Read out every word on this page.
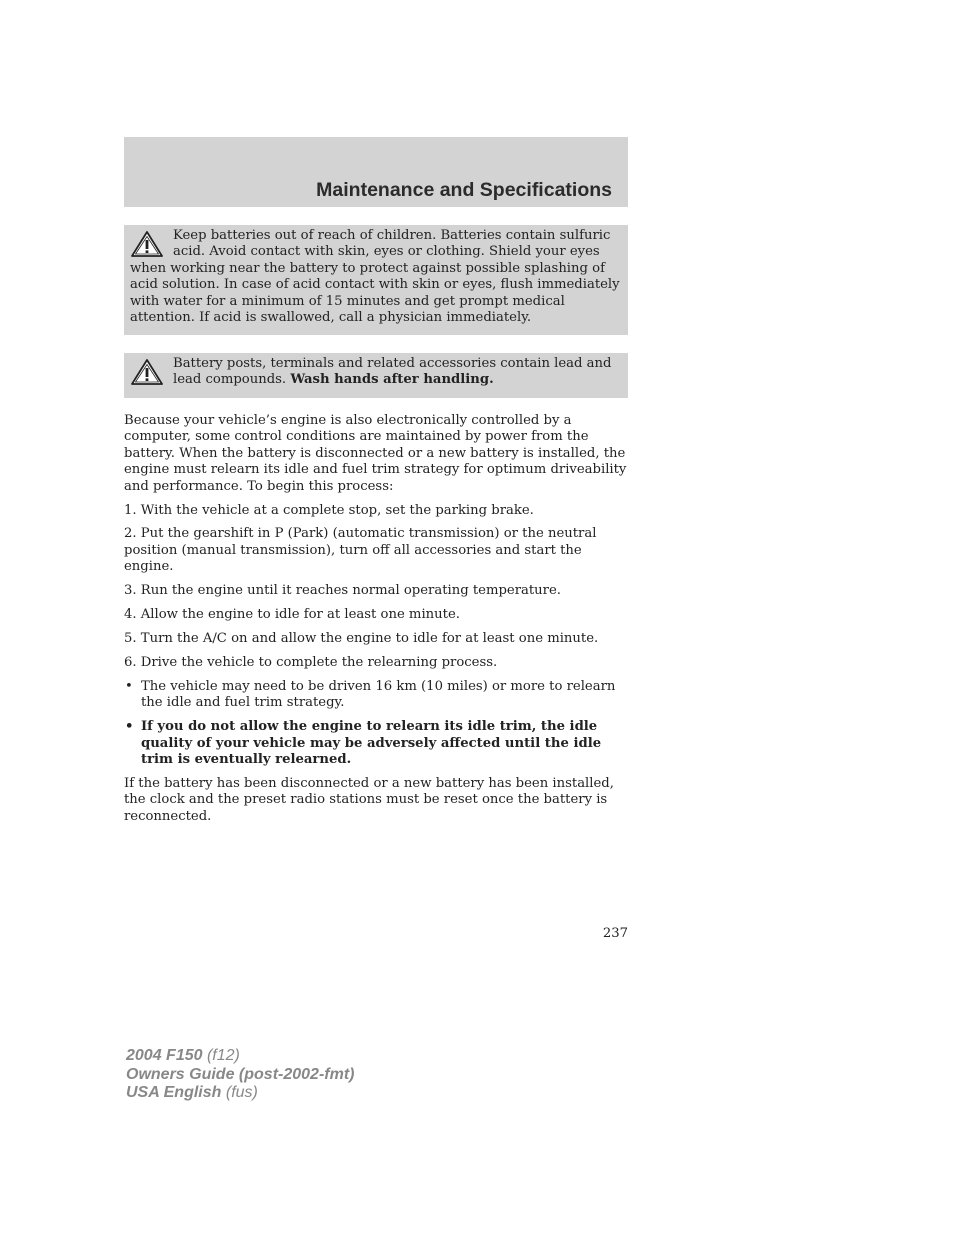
Maintenance and Specifications
Keep batteries out of reach of children. Batteries contain sulfuric acid. Avoid contact with skin, eyes or clothing. Shield your eyes when working near the battery to protect against possible splashing of acid solution. In case of acid contact with skin or eyes, flush immediately with water for a minimum of 15 minutes and get prompt medical attention. If acid is swallowed, call a physician immediately.
Battery posts, terminals and related accessories contain lead and lead compounds. Wash hands after handling.

Because your vehicle’s engine is also electronically controlled by a computer, some control conditions are maintained by power from the battery. When the battery is disconnected or a new battery is installed, the engine must relearn its idle and fuel trim strategy for optimum driveability and performance. To begin this process:

1. With the vehicle at a complete stop, set the parking brake.

2. Put the gearshift in P (Park) (automatic transmission) or the neutral position (manual transmission), turn off all accessories and start the engine.

3. Run the engine until it reaches normal operating temperature.

4. Allow the engine to idle for at least one minute.

5. Turn the A/C on and allow the engine to idle for at least one minute.

6. Drive the vehicle to complete the relearning process.

• The vehicle may need to be driven 16 km (10 miles) or more to relearn the idle and fuel trim strategy.
• If you do not allow the engine to relearn its idle trim, the idle quality of your vehicle may be adversely affected until the idle trim is eventually relearned.

If the battery has been disconnected or a new battery has been installed, the clock and the preset radio stations must be reset once the battery is reconnected.

237
2004 F150 (f12)
Owners Guide (post-2002-fmt)
USA English (fus)
